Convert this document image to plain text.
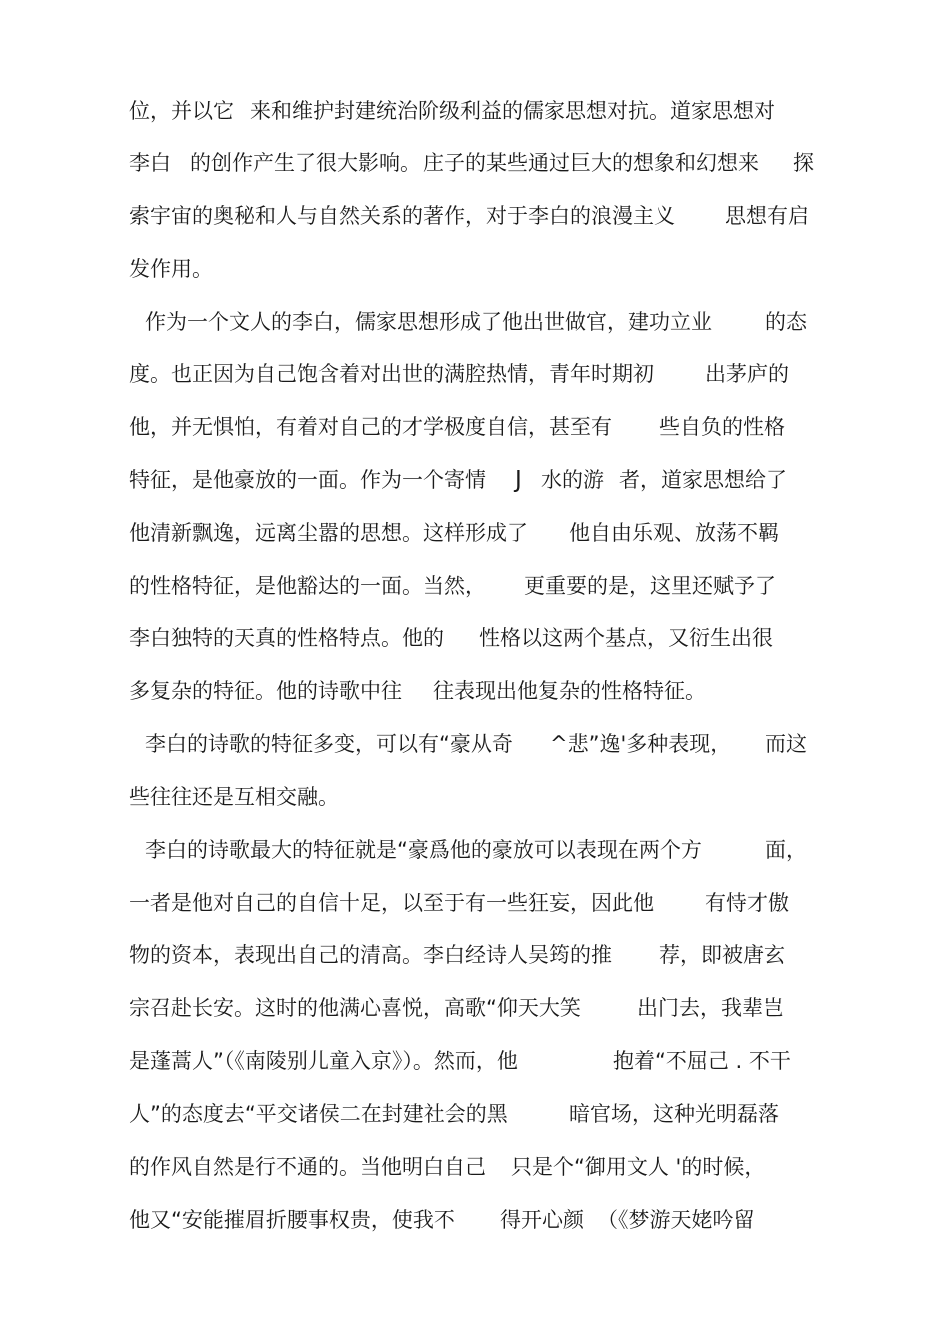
位，并以它 来和维护封建统治阶级利益的儒家思想对抗。道家思想对
李白 的创作产生了很大影响。 庄子的某些通过巨大的想象和幻想来 探
索宇宙的奥秘和人与自然关系的著作，对于李白的浪漫主义 思想有启
发作用。
作为一个文人的李白，儒家思想形成了他出世做官，建功立业	的态
度。也正因为自己饱含着对出世的满腔热情，青年时期初 出茅庐的
他，并无惧怕，有着对自己的才学极度自信，甚至有 些自负的性格
特征，是他豪放的一面。作为一个寄情 J 水的游 者，道家思想给了
他清新飘逸，远离尘嚣的思想。这样形成了 他自由乐观、放荡不羁
的性格特征，是他豁达的一面。当然， 更重要的是，这里还赋予了
李白独特的天真的性格特点。他的 性格以这两个基点，又衍生出很
多复杂的特征。他的诗歌中往 往表现出他复杂的性格特征。
李白的诗歌的特征多变，可以有“豪从奇 ^悲”逸'多种表现， 而这
些往往还是互相交融。
李白的诗歌最大的特征就是“豪爲他的豪放可以表现在两个方	面，
一者是他对自己的自信十足，以至于有一些狂妄，因此他 有恃才傲
物的资本，表现出自己的清高。李白经诗人吴筠的推 荐，即被唐玄
宗召赴长安。这时的他满心喜悦，高歌“仰天大笑	出门去，我辈岂
是蓬蒿人”（《南陵别儿童入京》）。然而，他	抱着“不屈己 . 不干
人”的态度去“平交诸侯二在封建社会的黑	暗官场，这种光明磊落
的作风自然是行不通的。当他明白自己 只是个“御用文人 '的时候，
他又“安能摧眉折腰事权贵，使我不 得开心颜 （《梦游天姥吟留
